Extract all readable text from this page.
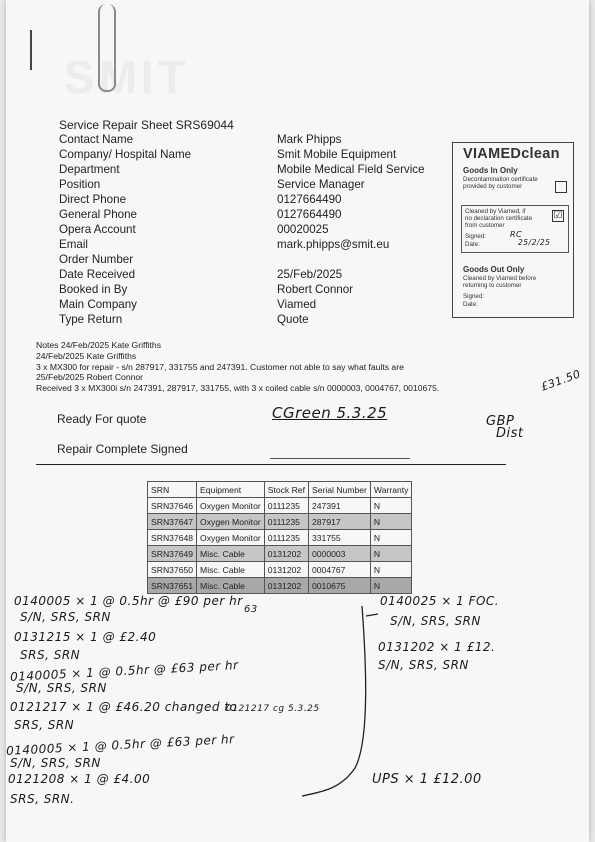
SMIT
Service Repair Sheet SRS69044
Contact Name	Mark Phipps
Company/ Hospital Name	Smit Mobile Equipment
Department	Mobile Medical Field Service
Position	Service Manager
Direct Phone	0127664490
General Phone	0127664490
Opera Account	00020025
Email	mark.phipps@smit.eu
Order Number
Date Received	25/Feb/2025
Booked in By	Robert Connor
Main Company	Viamed
Type Return	Quote
VIAMEDclean
Goods In Only
Decontamination certificate provided by customer
Cleaned by Viamed, if no declaration certificate from customer
☑
Signed:	RC
Date:	25/2/25
Goods Out Only
Cleaned by Viamed before returning to customer
Signed:
Date:
Notes 24/Feb/2025 Kate Griffiths
24/Feb/2025 Kate Griffiths
3 x MX300 for repair - s/n 287917, 331755 and 247391. Customer not able to say what faults are
25/Feb/2025 Robert Connor
Received 3 x MX300i s/n 247391, 287917, 331755, with 3 x coiled cable s/n 0000003, 0004767, 0010675.
Ready For quote	CGreen 5.3.25
£31.50
GBP
Dist
Repair Complete Signed
SRN	Equipment	Stock Ref	Serial Number	Warranty
SRN37646	Oxygen Monitor	0111235	247391	N
SRN37647	Oxygen Monitor	0111235	287917	N
SRN37648	Oxygen Monitor	0111235	331755	N
SRN37649	Misc. Cable	0131202	0000003	N
SRN37650	Misc. Cable	0131202	0004767	N
SRN37651	Misc. Cable	0131202	0010675	N
0140005 × 1 @ 0.5hr @ £90 per hr
63
S/N, SRS, SRN
0131215 × 1 @ £2.40
SRS, SRN
0140005 × 1 @ 0.5hr @ £63 per hr
S/N, SRS, SRN
0121217 × 1 @ £46.20 changed to
0121217 cg 5.3.25
SRS, SRN
0140005 × 1 @ 0.5hr @ £63 per hr
S/N, SRS, SRN
0121208 × 1 @ £4.00
SRS, SRN.
0140025 × 1 FOC.
S/N, SRS, SRN
0131202 × 1 £12.
S/N, SRS, SRN
UPS × 1 £12.00
